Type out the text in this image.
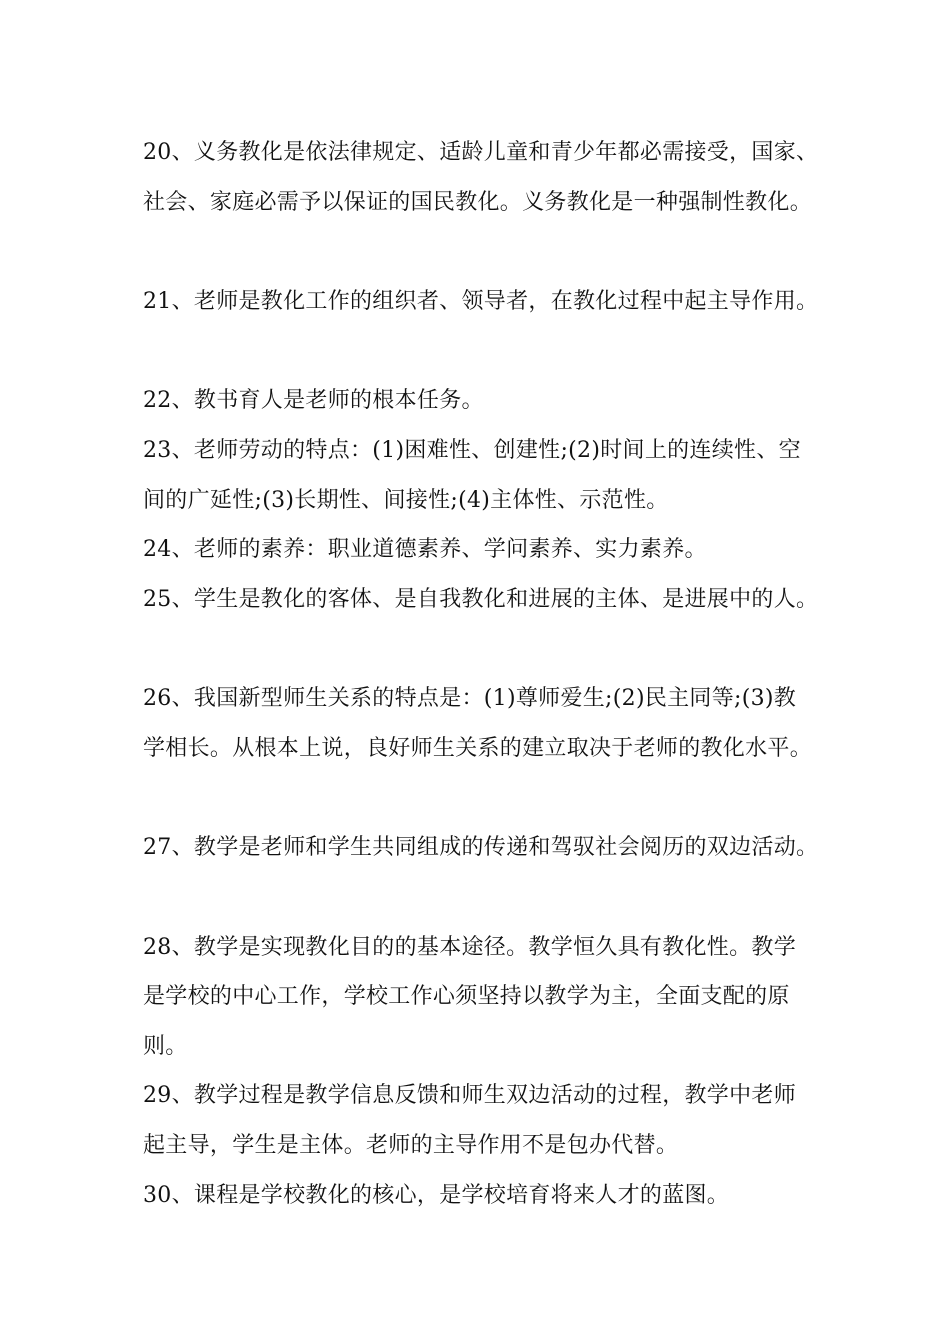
20、义务教化是依法律规定、适龄儿童和青少年都必需接受，国家、
社会、家庭必需予以保证的国民教化。义务教化是一种强制性教化。
21、老师是教化工作的组织者、领导者，在教化过程中起主导作用。
22、教书育人是老师的根本任务。
23、老师劳动的特点：(1)困难性、创建性;(2)时间上的连续性、空
间的广延性;(3)长期性、间接性;(4)主体性、示范性。
24、老师的素养：职业道德素养、学问素养、实力素养。
25、学生是教化的客体、是自我教化和进展的主体、是进展中的人。
26、我国新型师生关系的特点是：(1)尊师爱生;(2)民主同等;(3)教
学相长。从根本上说，良好师生关系的建立取决于老师的教化水平。
27、教学是老师和学生共同组成的传递和驾驭社会阅历的双边活动。
28、教学是实现教化目的的基本途径。教学恒久具有教化性。教学
是学校的中心工作，学校工作心须坚持以教学为主，全面支配的原
则。
29、教学过程是教学信息反馈和师生双边活动的过程，教学中老师
起主导，学生是主体。老师的主导作用不是包办代替。
30、课程是学校教化的核心，是学校培育将来人才的蓝图。
